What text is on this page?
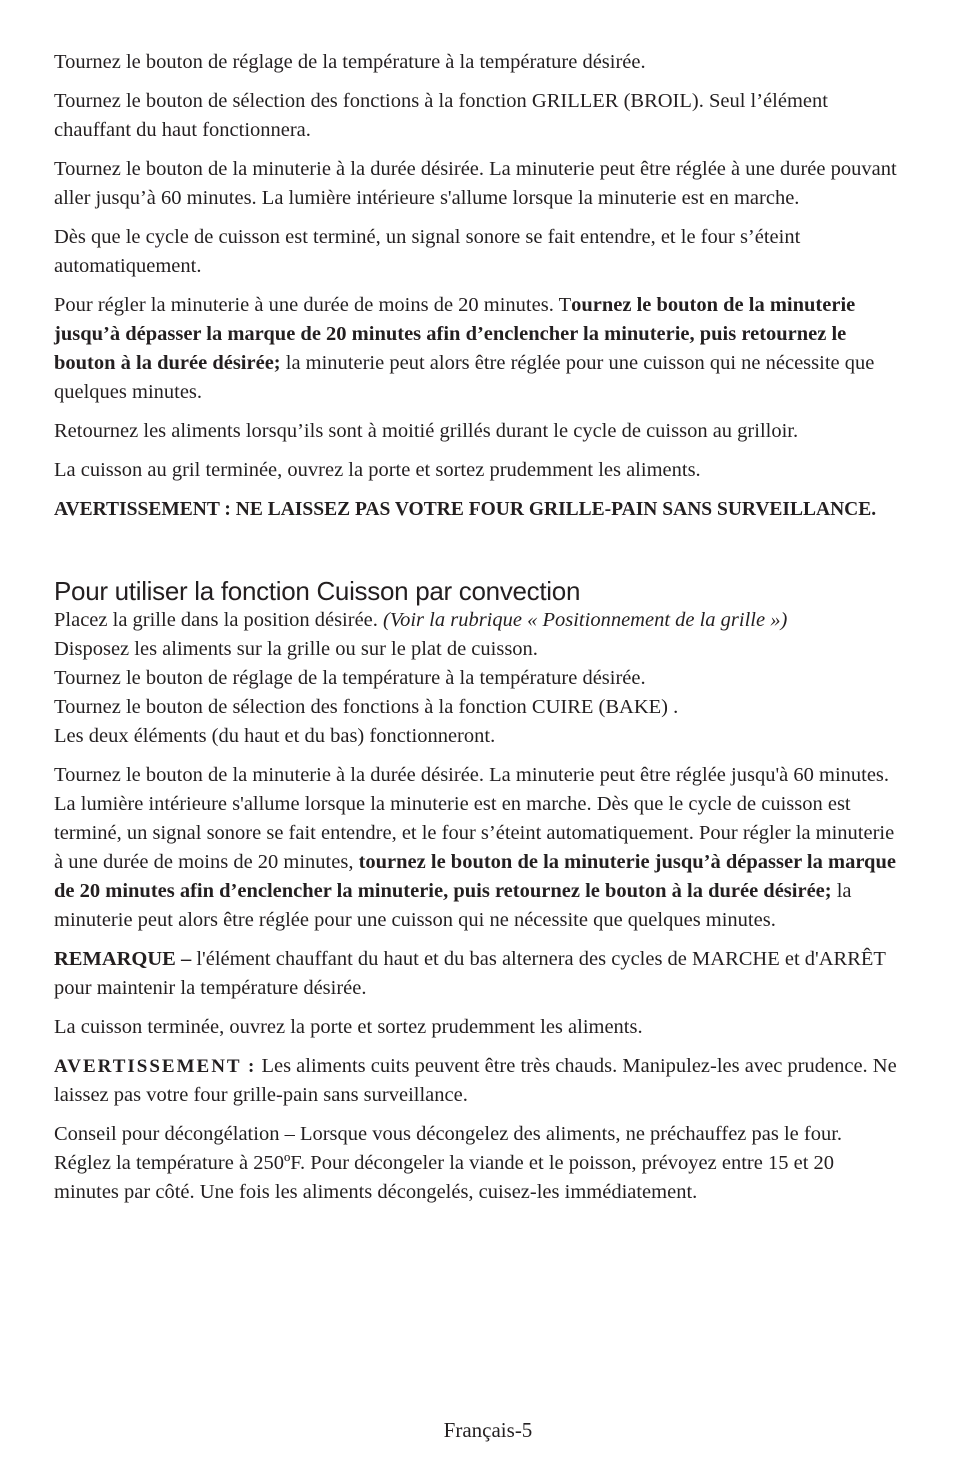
Tournez le bouton de réglage de la température à la température désirée.

Tournez le bouton de sélection des fonctions à la fonction GRILLER (BROIL). Seul l’élément chauffant du haut fonctionnera.

Tournez le bouton de la minuterie à la durée désirée. La minuterie peut être réglée à une durée pouvant aller jusqu’à 60 minutes. La lumière intérieure s'allume lorsque la minuterie est en marche.

Dès que le cycle de cuisson est terminé, un signal sonore se fait entendre, et le four s’éteint automatiquement.

Pour régler la minuterie à une durée de moins de 20 minutes. Tournez le bouton de la minuterie jusqu’à dépasser la marque de 20 minutes afin d’enclencher la minuterie, puis retournez le bouton à la durée désirée; la minuterie peut alors être réglée pour une cuisson qui ne nécessite que quelques minutes.

Retournez les aliments lorsqu’ils sont à moitié grillés durant le cycle de cuisson au grilloir.

La cuisson au gril terminée, ouvrez la porte et sortez prudemment les aliments.

AVERTISSEMENT : NE LAISSEZ PAS VOTRE FOUR GRILLE-PAIN SANS SURVEILLANCE.

Pour utiliser la fonction Cuisson par convection

Placez la grille dans la position désirée. (Voir la rubrique « Positionnement de la grille »)

Disposez les aliments sur la grille ou sur le plat de cuisson.

Tournez le bouton de réglage de la température à la température désirée.

Tournez le bouton de sélection des fonctions à la fonction CUIRE (BAKE) .

Les deux éléments (du haut et du bas) fonctionneront.

Tournez le bouton de la minuterie à la durée désirée. La minuterie peut être réglée jusqu'à 60 minutes. La lumière intérieure s'allume lorsque la minuterie est en marche. Dès que le cycle de cuisson est terminé, un signal sonore se fait entendre, et le four s’éteint automatiquement. Pour régler la minuterie à une durée de moins de 20 minutes, tournez le bouton de la minuterie jusqu’à dépasser la marque de 20 minutes afin d’enclencher la minuterie, puis retournez le bouton à la durée désirée; la minuterie peut alors être réglée pour une cuisson qui ne nécessite que quelques minutes.

REMARQUE – l'élément chauffant du haut et du bas alternera des cycles de MARCHE et d'ARRÊT pour maintenir la température désirée.

La cuisson terminée, ouvrez la porte et sortez prudemment les aliments.

AVERTISSEMENT : Les aliments cuits peuvent être très chauds. Manipulez-les avec prudence. Ne laissez pas votre four grille-pain sans surveillance.

Conseil pour décongélation – Lorsque vous décongelez des aliments, ne préchauffez pas le four. Réglez la température à 250ºF. Pour décongeler la viande et le poisson, prévoyez entre 15 et 20 minutes par côté. Une fois les aliments décongelés, cuisez-les immédiatement.

Français-5
